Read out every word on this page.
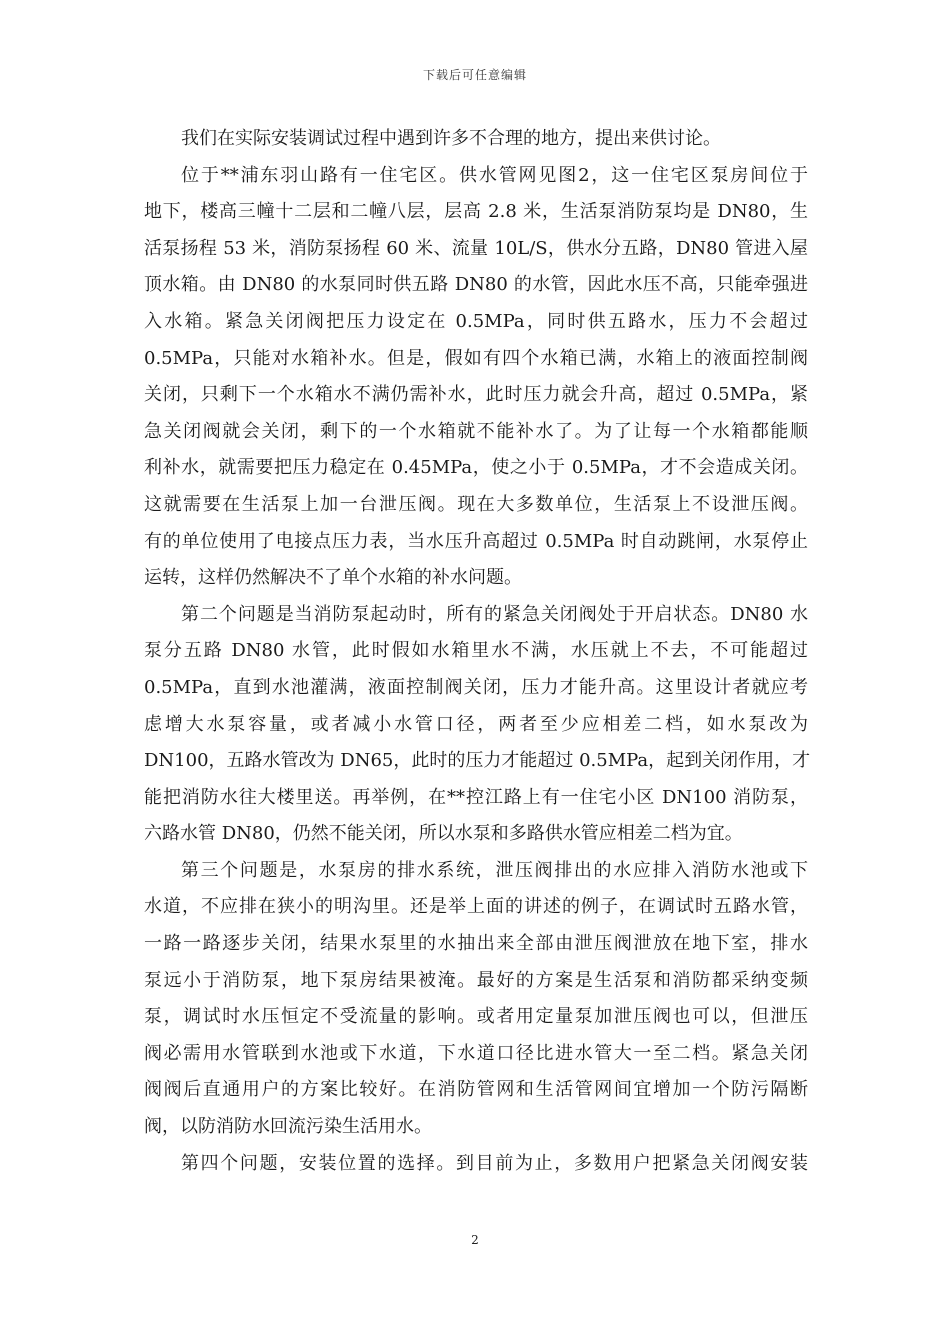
下载后可任意编辑

我们在实际安装调试过程中遇到许多不合理的地方，提出来供讨论。

位于**浦东羽山路有一住宅区。供水管网见图2，这一住宅区泵房间位于
地下，楼高三幢十二层和二幢八层，层高 2.8 米，生活泵消防泵均是 DN80，生
活泵扬程 53 米，消防泵扬程 60 米、流量 10L/S，供水分五路，DN80 管进入屋
顶水箱。由 DN80 的水泵同时供五路 DN80 的水管，因此水压不高，只能牵强进
入水箱。紧急关闭阀把压力设定在 0.5MPa，同时供五路水，压力不会超过
0.5MPa，只能对水箱补水。但是，假如有四个水箱已满，水箱上的液面控制阀
关闭，只剩下一个水箱水不满仍需补水，此时压力就会升高，超过 0.5MPa，紧
急关闭阀就会关闭，剩下的一个水箱就不能补水了。为了让每一个水箱都能顺
利补水，就需要把压力稳定在 0.45MPa，使之小于 0.5MPa，才不会造成关闭。
这就需要在生活泵上加一台泄压阀。现在大多数单位，生活泵上不设泄压阀。
有的单位使用了电接点压力表，当水压升高超过 0.5MPa 时自动跳闸，水泵停止
运转，这样仍然解决不了单个水箱的补水问题。

第二个问题是当消防泵起动时，所有的紧急关闭阀处于开启状态。DN80 水
泵分五路 DN80 水管，此时假如水箱里水不满，水压就上不去，不可能超过
0.5MPa，直到水池灌满，液面控制阀关闭，压力才能升高。这里设计者就应考
虑增大水泵容量，或者减小水管口径，两者至少应相差二档，如水泵改为
DN100，五路水管改为 DN65，此时的压力才能超过 0.5MPa，起到关闭作用，才
能把消防水往大楼里送。再举例，在**控江路上有一住宅小区 DN100 消防泵，
六路水管 DN80，仍然不能关闭，所以水泵和多路供水管应相差二档为宜。

第三个问题是，水泵房的排水系统，泄压阀排出的水应排入消防水池或下
水道，不应排在狭小的明沟里。还是举上面的讲述的例子，在调试时五路水管，
一路一路逐步关闭，结果水泵里的水抽出来全部由泄压阀泄放在地下室，排水
泵远小于消防泵，地下泵房结果被淹。最好的方案是生活泵和消防都采纳变频
泵，调试时水压恒定不受流量的影响。或者用定量泵加泄压阀也可以，但泄压
阀必需用水管联到水池或下水道，下水道口径比进水管大一至二档。紧急关闭
阀阀后直通用户的方案比较好。在消防管网和生活管网间宜增加一个防污隔断
阀，以防消防水回流污染生活用水。

第四个问题，安装位置的选择。到目前为止，多数用户把紧急关闭阀安装

2
